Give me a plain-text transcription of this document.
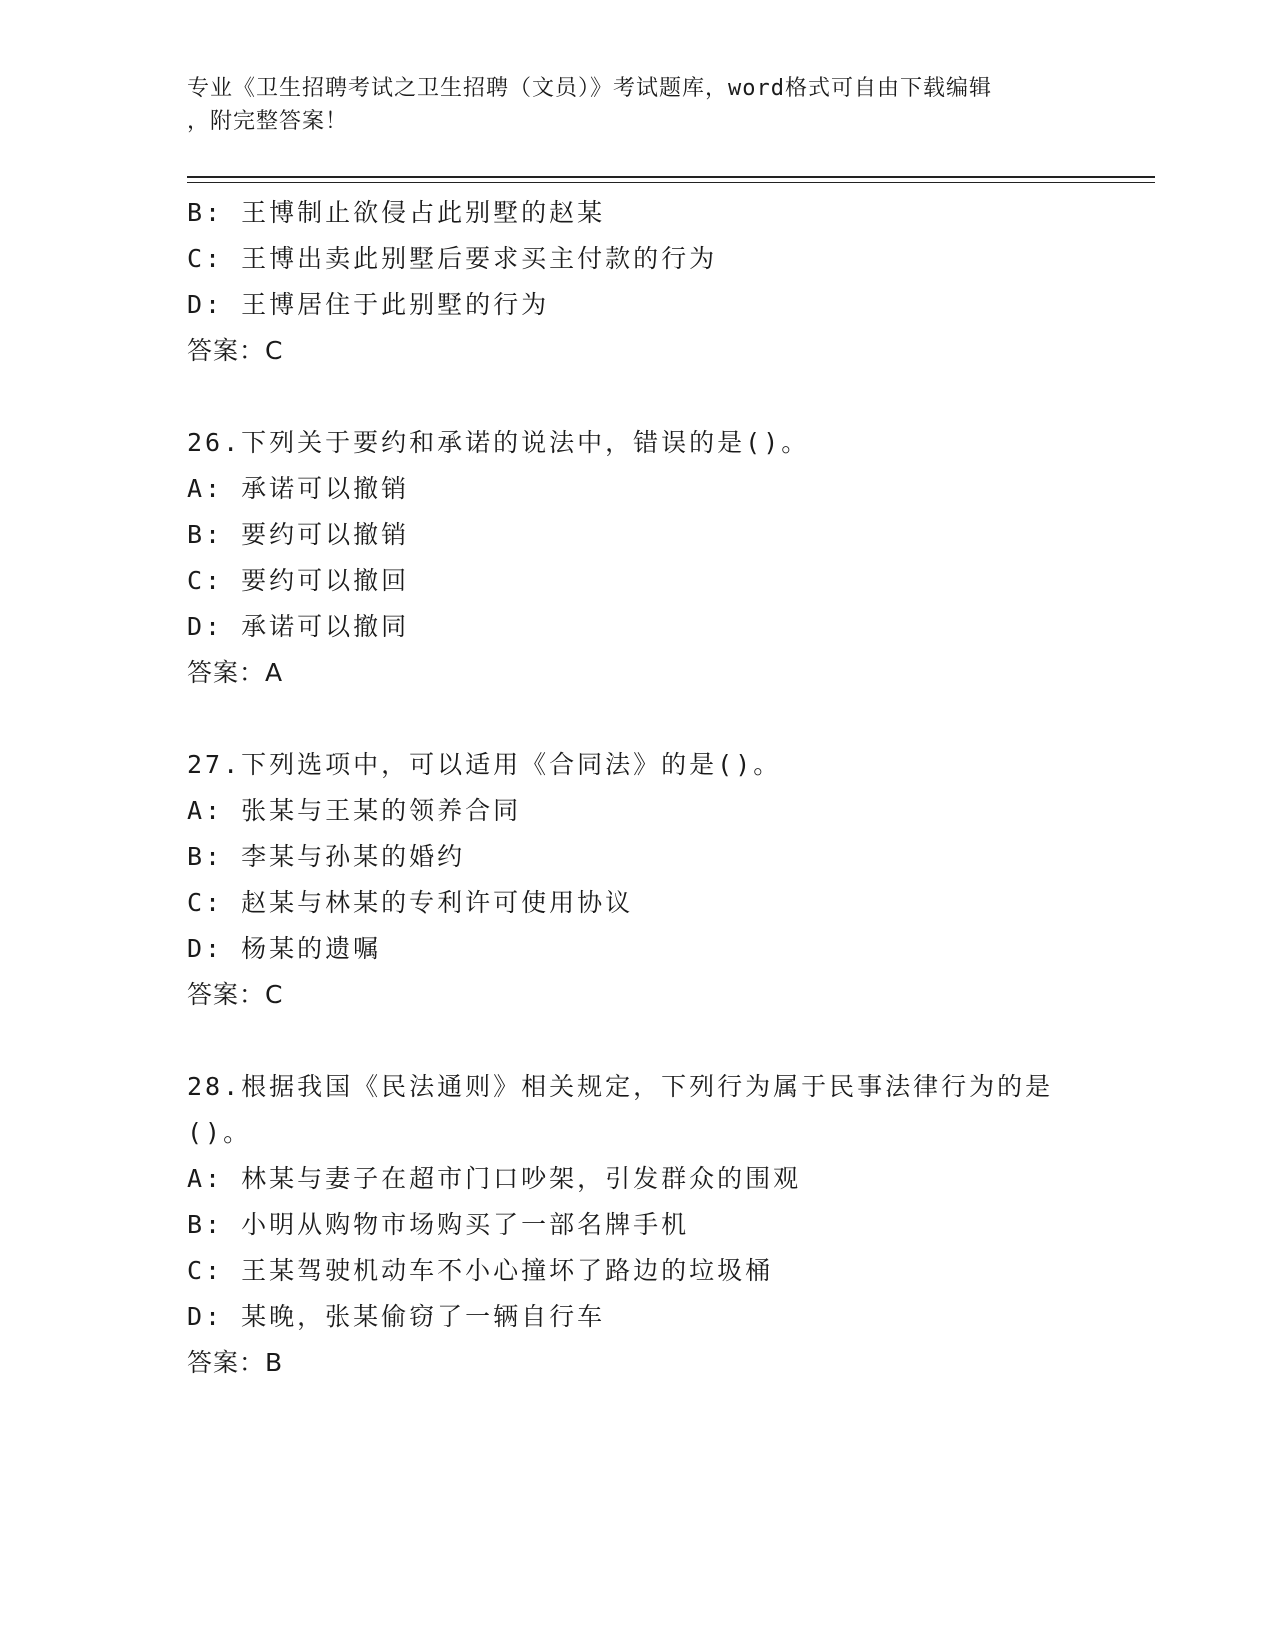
专业《卫生招聘考试之卫生招聘（文员）》考试题库，word格式可自由下载编辑
，附完整答案！
B: 王博制止欲侵占此别墅的赵某
C: 王博出卖此别墅后要求买主付款的行为
D: 王博居住于此别墅的行为
答案：C
26.下列关于要约和承诺的说法中，错误的是()。
A: 承诺可以撤销
B: 要约可以撤销
C: 要约可以撤回
D: 承诺可以撤同
答案：A
27.下列选项中，可以适用《合同法》的是()。
A: 张某与王某的领养合同
B: 李某与孙某的婚约
C: 赵某与林某的专利许可使用协议
D: 杨某的遗嘱
答案：C
28.根据我国《民法通则》相关规定，下列行为属于民事法律行为的是
()。
A: 林某与妻子在超市门口吵架，引发群众的围观
B: 小明从购物市场购买了一部名牌手机
C: 王某驾驶机动车不小心撞坏了路边的垃圾桶
D: 某晚，张某偷窃了一辆自行车
答案：B
